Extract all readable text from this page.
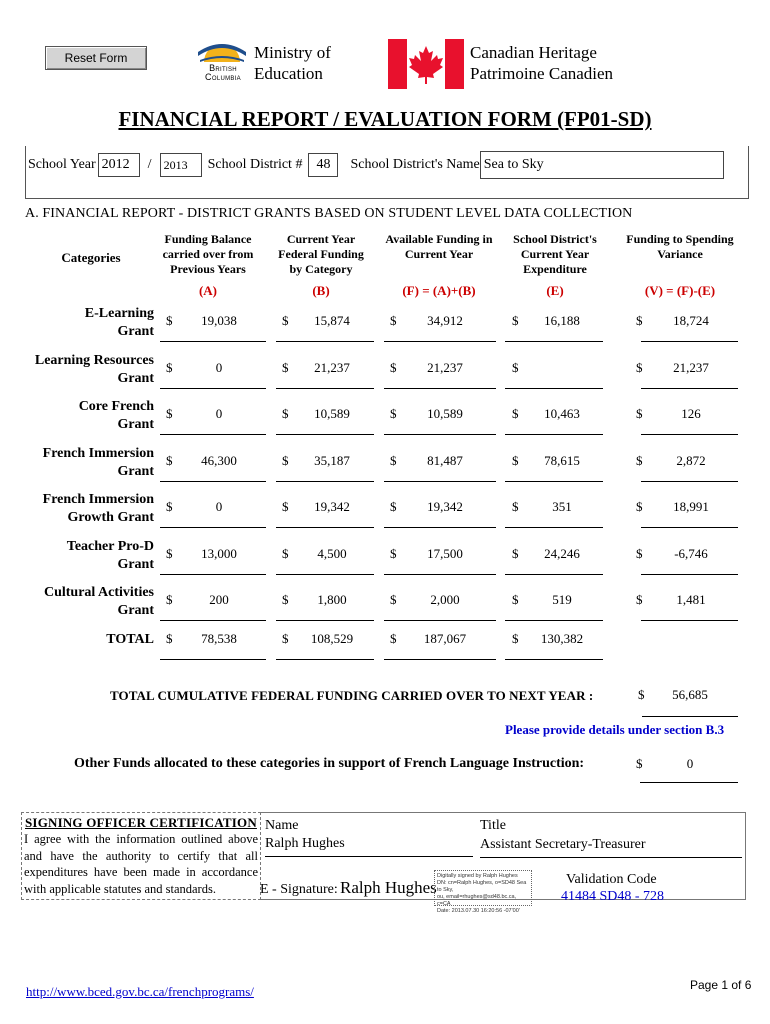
Reset Form
British
Columbia
Ministry of
Education
Canadian Heritage
Patrimoine Canadien
FINANCIAL REPORT / EVALUATION FORM (FP01-SD)
School Year 2012	/	2013	School District #	48	School District's Name Sea to Sky
A. FINANCIAL REPORT - DISTRICT GRANTS BASED ON STUDENT LEVEL DATA COLLECTION
Categories
Funding Balance
carried over from
Previous Years
(A)
Current Year
Federal Funding
by Category
(B)
Available Funding in
Current Year
(F) = (A)+(B)
School District's
Current Year
Expenditure
(E)
Funding to Spending
Variance
(V) = (F)-(E)
E-Learning
Grant
$	19,038	$	15,874	$	34,912	$	16,188	$	18,724
Learning Resources
Grant
$	0	$	21,237	$	21,237	$	$	21,237
Core French
Grant
$	0	$	10,589	$	10,589	$	10,463	$	126
French Immersion
Grant
$	46,300	$	35,187	$	81,487	$	78,615	$	2,872
French Immersion
Growth Grant
$	0	$	19,342	$	19,342	$	351	$	18,991
Teacher Pro-D
Grant
$	13,000	$	4,500	$	17,500	$	24,246	$	-6,746
Cultural Activities
Grant
$	200	$	1,800	$	2,000	$	519	$	1,481
TOTAL $	78,538	$	108,529	$	187,067	$	130,382
TOTAL CUMULATIVE FEDERAL FUNDING CARRIED OVER TO NEXT YEAR :	$	56,685
Please provide details under section B.3
Other Funds allocated to these categories in support of French Language Instruction:	$	0
SIGNING OFFICER CERTIFICATION
I agree with the information outlined above and have the authority to certify that all expenditures have been made in accordance with applicable statutes and standards.
Name
Ralph Hughes
Title
Assistant Secretary-Treasurer
E - Signature: Ralph Hughes
Digitally signed by Ralph Hughes
DN: cn=Ralph Hughes, o=SD48 Sea to Sky,
ou, email=rhughes@sd48.bc.ca, c=CA
Date: 2013.07.30 16:20:56 -07'00'
Validation Code
41484 SD48 - 728
http://www.bced.gov.bc.ca/frenchprograms/	Page 1 of 6
